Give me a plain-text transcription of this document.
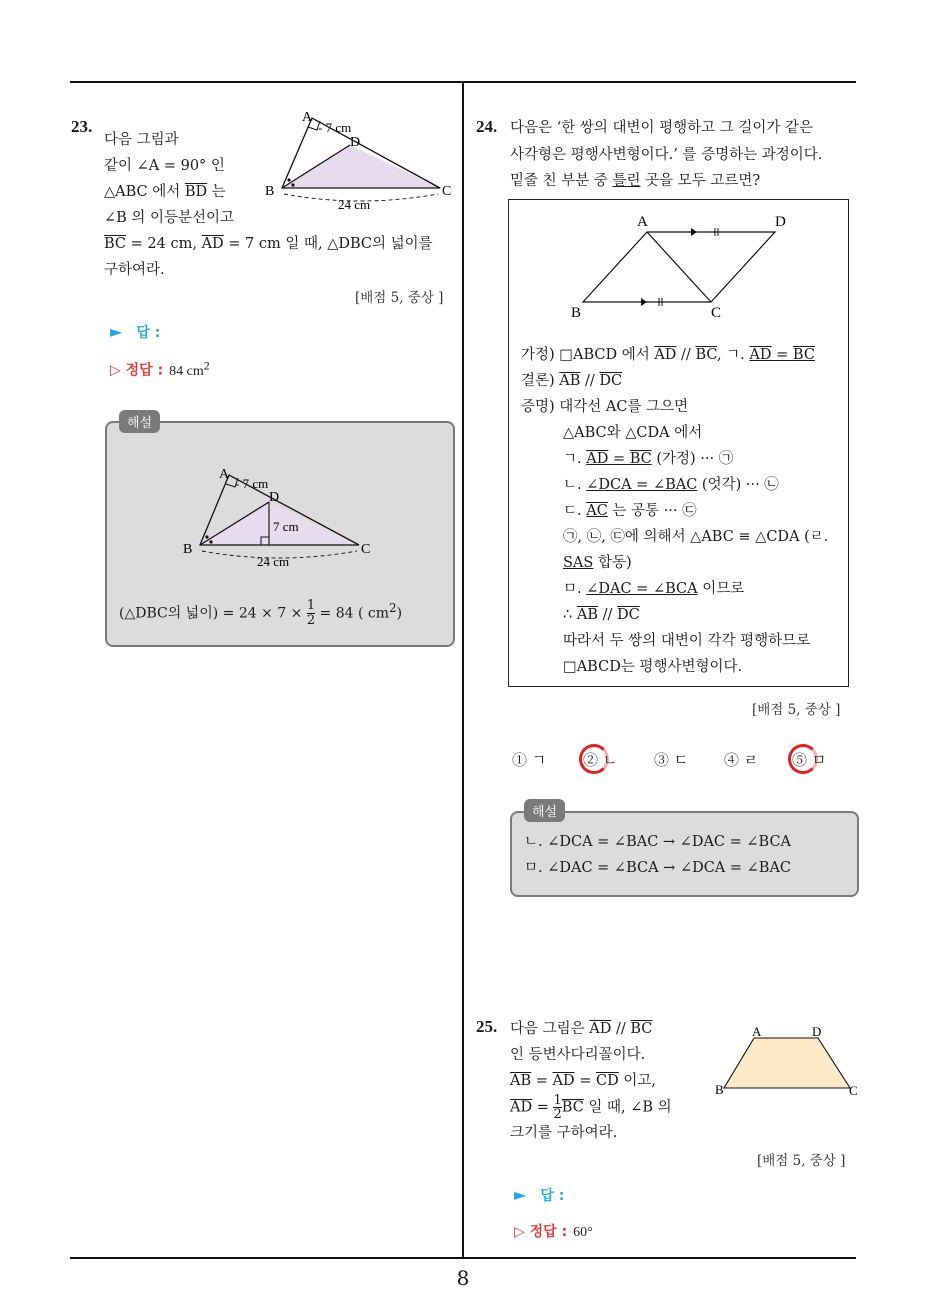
23.
다음 그림과
같이 ∠A = 90° 인
△ABC 에서 $\overline{BD}$ 는
∠B 의 이등분선이고
$\overline{BC} = 24$ cm, $\overline{AD} = 7$ cm 일 때, △DBC의 넓이를
구하여라.
A
B	C
D
- 7 cm
24 cm
[배점 5, 중상 ]
► 답 :
▷ 정답 : 84 $cm^2$
A
B	C
D
- 7 cm
7 cm
24 cm
(△DBC의 넓이) = $24 \times 7 \times \frac{1}{2} = 84$ ( $cm^2$)
해설
24. 다음은 ‘한 쌍의 대변이 평행하고 그 길이가 같은
사각형은 평행사변형이다.’ 를 증명하는 과정이다.
밑줄 친 부분 중 틀린 곳을 모두 고르면?
A	D
B	C
가정) □ABCD 에서 $\overline{AD} // \overline{BC}$, ㄱ. AD = BC
결론) $\overline{AB} // \overline{DC}$
증명) 대각선 AC를 그으면
△ABC와 △CDA 에서
ㄱ. AD = BC (가정) ··· ㉠
ㄴ. ∠DCA = ∠BAC (엇각) ··· ㉡
ㄷ. AC 는 공통 ··· ㉢
㉠, ㉡, ㉢에 의해서 △ABC ≡ △CDA (ㄹ.
SAS 합동)
ㅁ. ∠DAC = ∠BCA 이므로
∴ $\overline{AB} // \overline{DC}$
따라서 두 쌍의 대변이 각각 평행하므로
□ABCD는 평행사변형이다.
[배점 5, 중상 ]
① ㄱ ② ㄴ ③ ㄷ ④ ㄹ ⑤ ㅁ
ㄴ. ∠DCA = ∠BAC → ∠DAC = ∠BCA
ㅁ. ∠DAC = ∠BCA → ∠DCA = ∠BAC
해설
25. 다음 그림은 $\overline{AD} // \overline{BC}$
인 등변사다리꼴이다.
$\overline{AB} = \overline{AD} = \overline{CD}$ 이고,
$\overline{AD} = \frac{1}{2} \overline{BC}$ 일 때, ∠B 의
크기를 구하여라.
A	D
B	C
[배점 5, 중상 ]
► 답 :
▷ 정답 : 60°
8
